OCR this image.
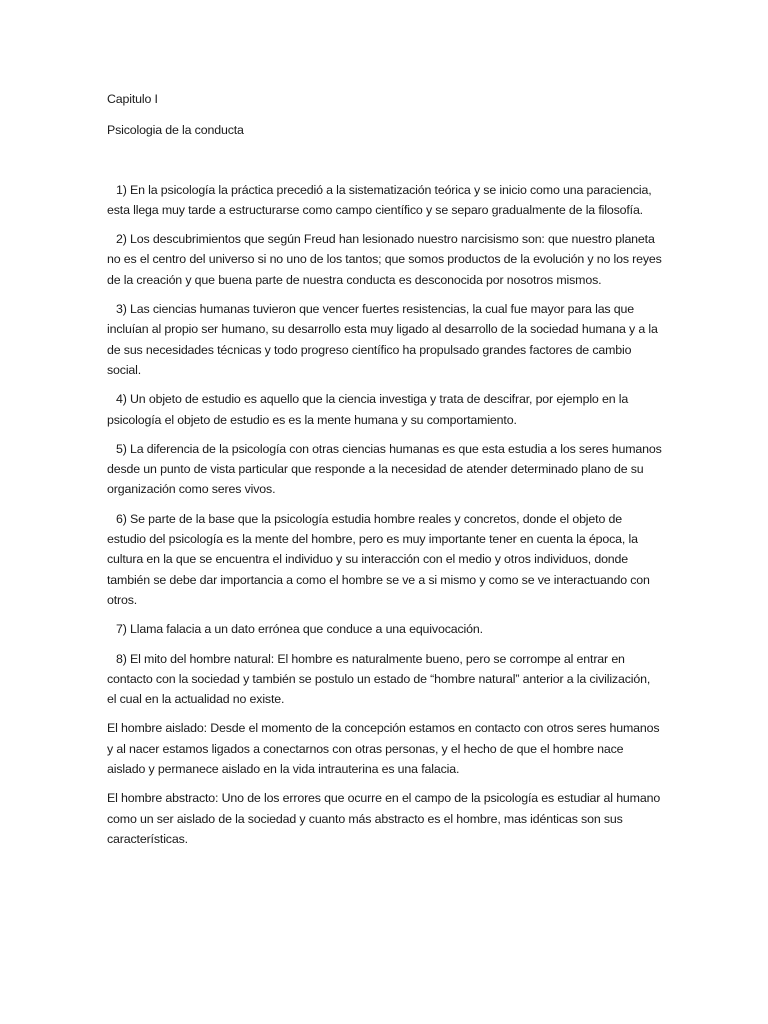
Capitulo I
Psicologia de la conducta

1) En la psicología la práctica precedió a la sistematización teórica y se inicio como una paraciencia, esta llega muy tarde a estructurarse como campo científico y se separo gradualmente de la filosofía.

2) Los descubrimientos que según Freud han lesionado nuestro narcisismo son: que nuestro planeta no es el centro del universo si no uno de los tantos; que somos productos de la evolución y no los reyes de la creación y que buena parte de nuestra conducta es desconocida por nosotros mismos.

3) Las ciencias humanas tuvieron que vencer fuertes resistencias, la cual fue mayor para las que incluían al propio ser humano, su desarrollo esta muy ligado al desarrollo de la sociedad humana y a la de sus necesidades técnicas y todo progreso científico ha propulsado grandes factores de cambio social.

4) Un objeto de estudio es aquello que la ciencia investiga y trata de descifrar, por ejemplo en la psicología el objeto de estudio es es la mente humana y su comportamiento.

5) La diferencia de la psicología con otras ciencias humanas es que esta estudia a los seres humanos desde un punto de vista particular que responde a la necesidad de atender determinado plano de su organización como seres vivos.

6) Se parte de la base que la psicología estudia hombre reales y concretos, donde el objeto de estudio del psicología es la mente del hombre, pero es muy importante tener en cuenta la época, la cultura en la que se encuentra el individuo y su interacción con el medio y otros individuos, donde también se debe dar importancia a como el hombre se ve a si mismo y como se ve interactuando con otros.

7) Llama falacia a un dato errónea que conduce a una equivocación.

8) El mito del hombre natural: El hombre es naturalmente bueno, pero se corrompe al entrar en contacto con la sociedad y también se postulo un estado de “hombre natural” anterior a la civilización, el cual en la actualidad no existe.

El hombre aislado: Desde el momento de la concepción estamos en contacto con otros seres humanos y al nacer estamos ligados a conectarnos con otras personas, y el hecho de que el hombre nace aislado y permanece aislado en la vida intrauterina es una falacia.

El hombre abstracto: Uno de los errores que ocurre en el campo de la psicología es estudiar al humano como un ser aislado de la sociedad y cuanto más abstracto es el hombre, mas idénticas son sus características.
